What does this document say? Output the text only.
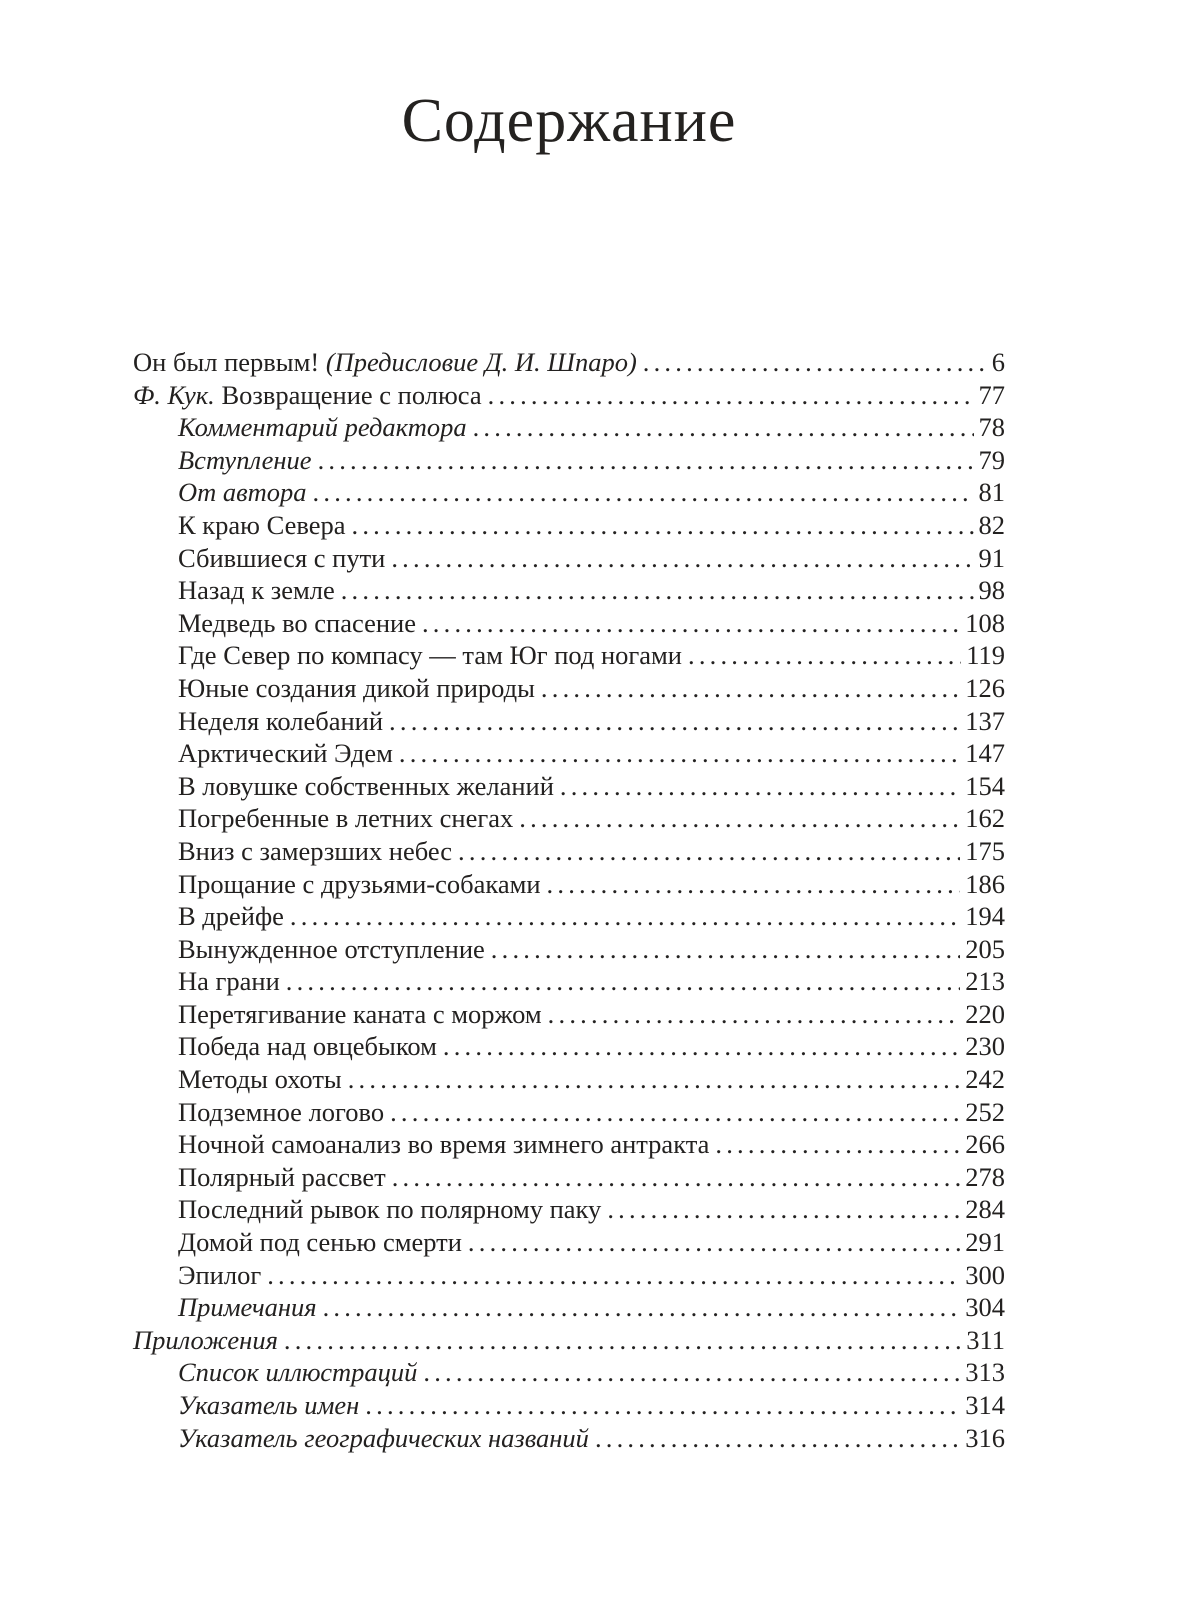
Содержание
Он был первым! (Предисловие Д. И. Шпаро) .....	6
Ф. Кук. Возвращение с полюса .....	77
Комментарий редактора .....	78
Вступление .....	79
От автора .....	81
К краю Севера .....	82
Сбившиеся с пути .....	91
Назад к земле .....	98
Медведь во спасение .....	108
Где Север по компасу — там Юг под ногами .....	119
Юные создания дикой природы .....	126
Неделя колебаний .....	137
Арктический Эдем .....	147
В ловушке собственных желаний .....	154
Погребенные в летних снегах .....	162
Вниз с замерзших небес .....	175
Прощание с друзьями-собаками .....	186
В дрейфе .....	194
Вынужденное отступление .....	205
На грани .....	213
Перетягивание каната с моржом .....	220
Победа над овцебыком .....	230
Методы охоты .....	242
Подземное логово .....	252
Ночной самоанализ во время зимнего антракта .....	266
Полярный рассвет .....	278
Последний рывок по полярному паку .....	284
Домой под сенью смерти .....	291
Эпилог .....	300
Примечания .....	304
Приложения .....	311
Список иллюстраций .....	313
Указатель имен .....	314
Указатель географических названий .....	316
